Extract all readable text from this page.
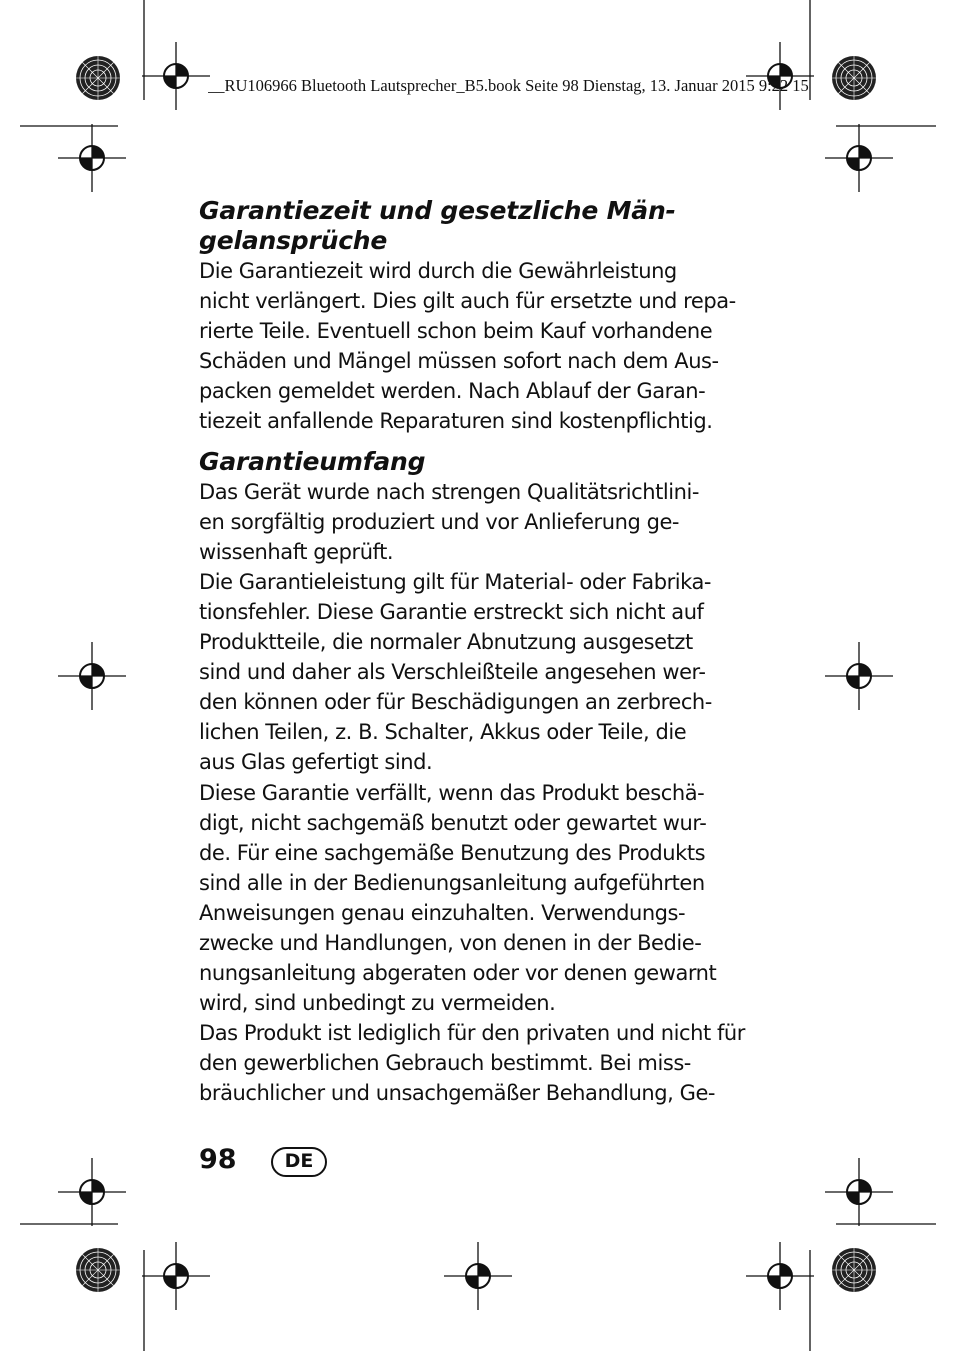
__RU106966 Bluetooth Lautsprecher_B5.book Seite 98 Dienstag, 13. Januar 2015 9:22 15
Garantiezeit und gesetzliche Män-
gelansprüche
Die Garantiezeit wird durch die Gewährleistung
nicht verlängert. Dies gilt auch für ersetzte und repa-
rierte Teile. Eventuell schon beim Kauf vorhandene
Schäden und Mängel müssen sofort nach dem Aus-
packen gemeldet werden. Nach Ablauf der Garan-
tiezeit anfallende Reparaturen sind kostenpflichtig.
Garantieumfang
Das Gerät wurde nach strengen Qualitätsrichtlini-
en sorgfältig produziert und vor Anlieferung ge-
wissenhaft geprüft.
Die Garantieleistung gilt für Material- oder Fabrika-
tionsfehler. Diese Garantie erstreckt sich nicht auf
Produktteile, die normaler Abnutzung ausgesetzt
sind und daher als Verschleißteile angesehen wer-
den können oder für Beschädigungen an zerbrech-
lichen Teilen, z. B. Schalter, Akkus oder Teile, die
aus Glas gefertigt sind.
Diese Garantie verfällt, wenn das Produkt beschä-
digt, nicht sachgemäß benutzt oder gewartet wur-
de. Für eine sachgemäße Benutzung des Produkts
sind alle in der Bedienungsanleitung aufgeführten
Anweisungen genau einzuhalten. Verwendungs-
zwecke und Handlungen, von denen in der Bedie-
nungsanleitung abgeraten oder vor denen gewarnt
wird, sind unbedingt zu vermeiden.
Das Produkt ist lediglich für den privaten und nicht für
den gewerblichen Gebrauch bestimmt. Bei miss-
bräuchlicher und unsachgemäßer Behandlung, Ge-
98	DE
